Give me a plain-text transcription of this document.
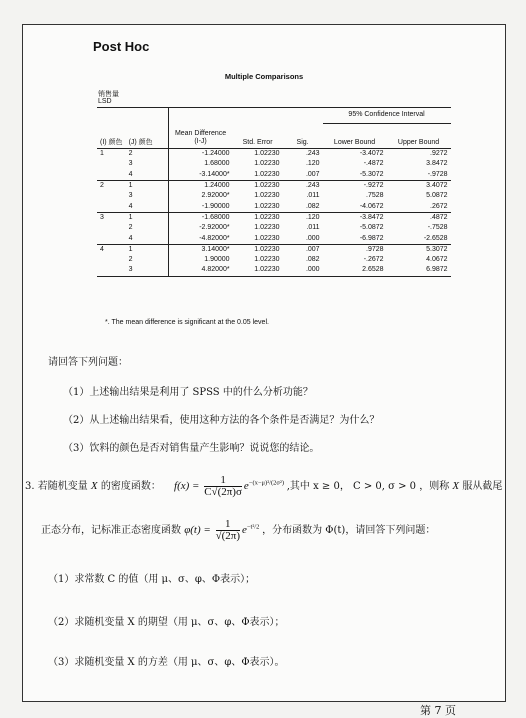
Post Hoc
Multiple Comparisons
销售量
LSD
(I) 颜色	(J) 颜色	Mean Difference (I-J)	Std. Error	Sig.	95% Confidence Interval	
					Lower Bound	Upper Bound
1	2	-1.24000	1.02230	.243	-3.4072	.9272
	3	1.68000	1.02230	.120	-.4872	3.8472
	4	-3.14000*	1.02230	.007	-5.3072	-.9728
2	1	1.24000	1.02230	.243	-.9272	3.4072
	3	2.92000*	1.02230	.011	.7528	5.0872
	4	-1.90000	1.02230	.082	-4.0672	.2672
3	1	-1.68000	1.02230	.120	-3.8472	.4872
	2	-2.92000*	1.02230	.011	-5.0872	-.7528
	4	-4.82000*	1.02230	.000	-6.9872	-2.6528
4	1	3.14000*	1.02230	.007	.9728	5.3072
	2	1.90000	1.02230	.082	-.2672	4.0672
	3	4.82000*	1.02230	.000	2.6528	6.9872
*. The mean difference is significant at the 0.05 level.
请回答下列问题：
（1）上述输出结果是利用了 SPSS 中的什么分析功能？
（2）从上述输出结果看，使用这种方法的各个条件是否满足？为什么？
（3）饮料的颜色是否对销售量产生影响？说说您的结论。
3. 若随机变量 X 的密度函数： $f(x) = \frac{1}{C√(2\pi)\sigma} e^{-(x-\mu)^2/(2\sigma^2)}$ ,其中 x ≥ 0， C > 0, σ > 0 ，则称 X 服从截尾
正态分布，记标准正态密度函数 $\varphi(t) = \frac{1}{√(2\pi)} e^{-t^2/2}$ ，分布函数为 Φ(t)，请回答下列问题：
（1）求常数 C 的值（用 μ、σ、φ、Φ表示）；
（2）求随机变量 X 的期望（用 μ、σ、φ、Φ表示）；
（3）求随机变量 X 的方差（用 μ、σ、φ、Φ表示）。
第 7 页
